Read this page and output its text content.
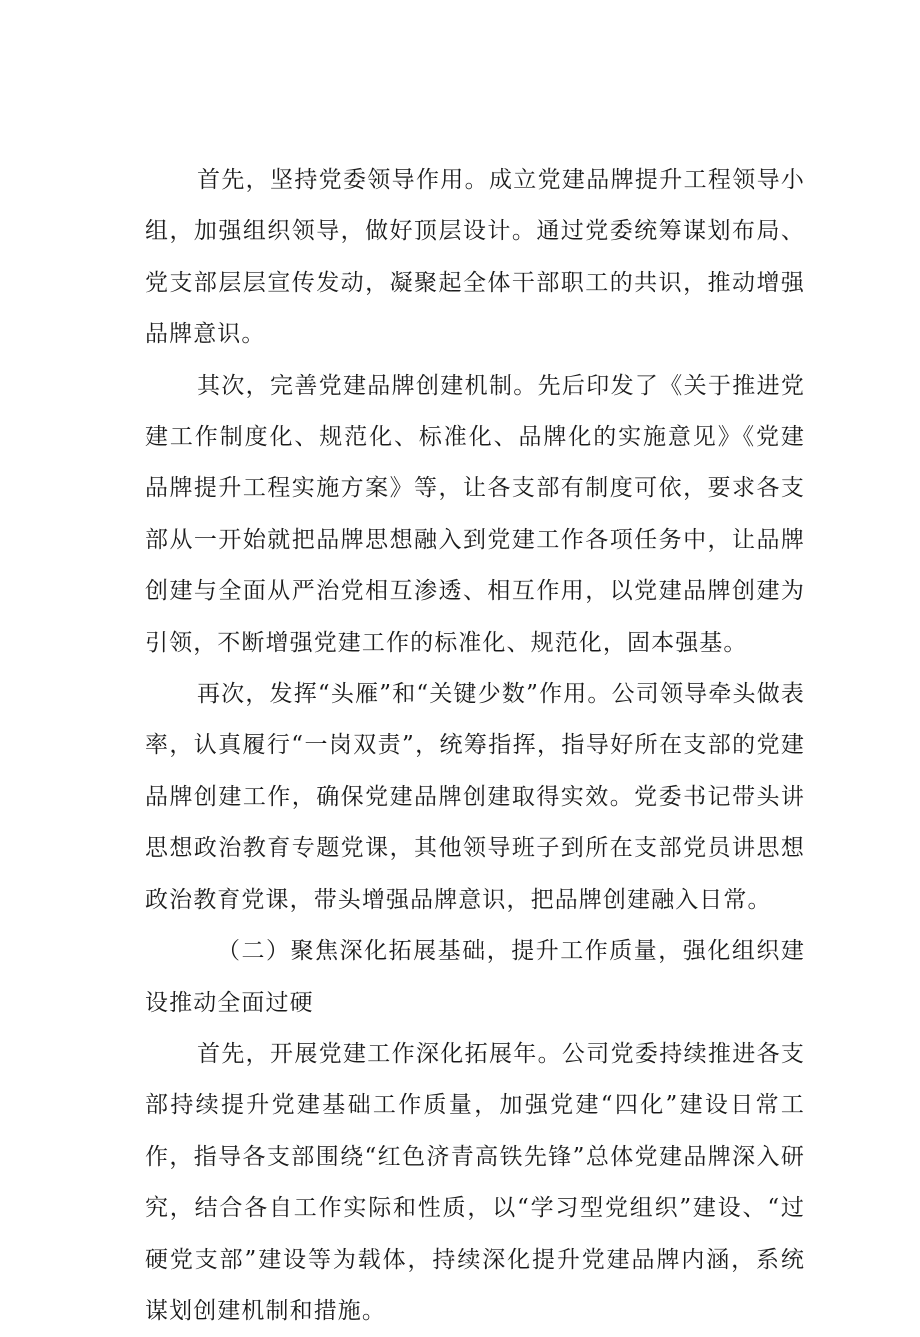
首先，坚持党委领导作用。成立党建品牌提升工程领导小组，加强组织领导，做好顶层设计。通过党委统筹谋划布局、党支部层层宣传发动，凝聚起全体干部职工的共识，推动增强品牌意识。

其次，完善党建品牌创建机制。先后印发了《关于推进党建工作制度化、规范化、标准化、品牌化的实施意见》《党建品牌提升工程实施方案》等，让各支部有制度可依，要求各支部从一开始就把品牌思想融入到党建工作各项任务中，让品牌创建与全面从严治党相互渗透、相互作用，以党建品牌创建为引领，不断增强党建工作的标准化、规范化，固本强基。

再次，发挥“头雁”和“关键少数”作用。公司领导牵头做表率，认真履行“一岗双责”，统筹指挥，指导好所在支部的党建品牌创建工作，确保党建品牌创建取得实效。党委书记带头讲思想政治教育专题党课，其他领导班子到所在支部党员讲思想政治教育党课，带头增强品牌意识，把品牌创建融入日常。

（二）聚焦深化拓展基础，提升工作质量，强化组织建设推动全面过硬

首先，开展党建工作深化拓展年。公司党委持续推进各支部持续提升党建基础工作质量，加强党建“四化”建设日常工作，指导各支部围绕“红色济青高铁先锋”总体党建品牌深入研究，结合各自工作实际和性质，以“学习型党组织”建设、“过硬党支部”建设等为载体，持续深化提升党建品牌内涵，系统谋划创建机制和措施。
